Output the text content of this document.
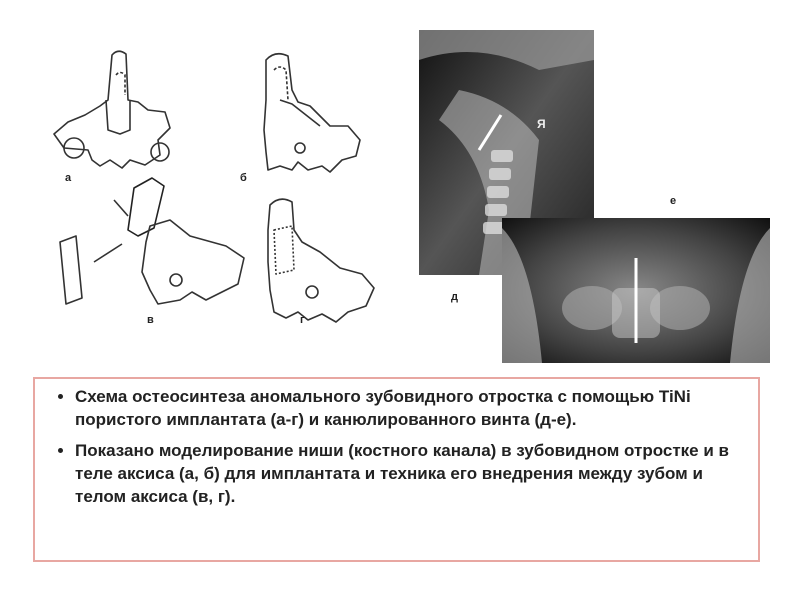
а	б
в	г
д
е
Я
• Схема остеосинтеза аномального зубовидного отростка с помощью TiNi пористого имплантата (а-г) и канюлированного винта (д-е).
• Показано моделирование ниши (костного канала) в зубовидном отростке и в теле аксиса (а, б) для имплантата и техника его внедрения между зубом и телом аксиса (в, г).
